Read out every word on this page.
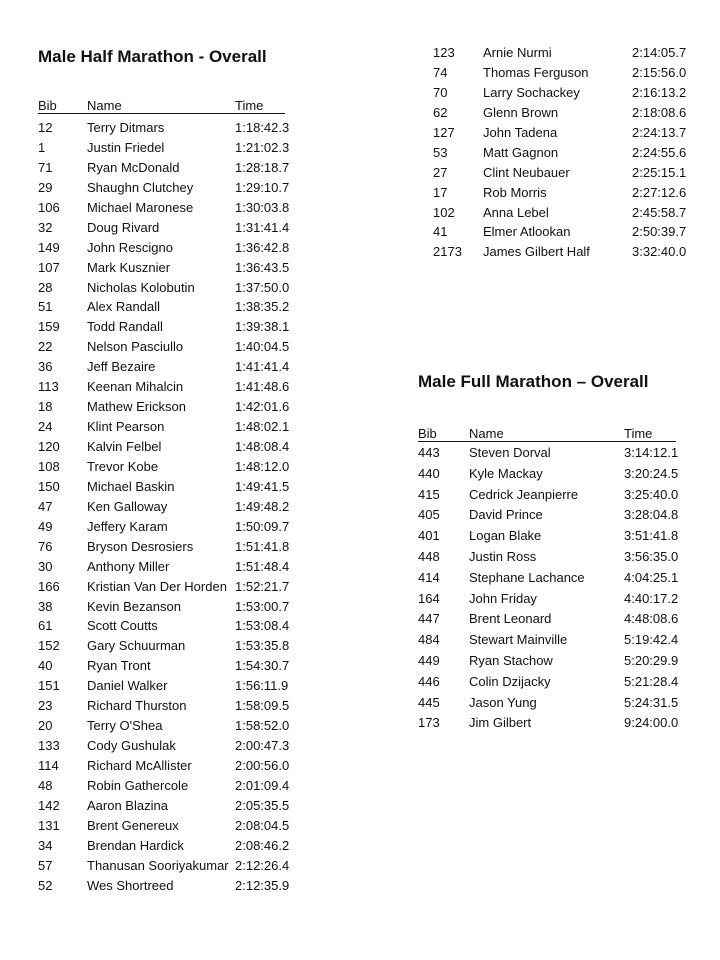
Male Half Marathon - Overall
Bib Name	Time
12	Terry Ditmars	1:18:42.3
1	Justin Friedel	1:21:02.3
71	Ryan McDonald	1:28:18.7
29	Shaughn Clutchey	1:29:10.7
106 Michael Maronese	1:30:03.8
32	Doug Rivard	1:31:41.4
149 John Rescigno	1:36:42.8
107 Mark Kusznier	1:36:43.5
28	Nicholas Kolobutin	1:37:50.0
51	Alex Randall	1:38:35.2
159 Todd Randall	1:39:38.1
22	Nelson Pasciullo	1:40:04.5
36	Jeff Bezaire	1:41:41.4
113 Keenan Mihalcin	1:41:48.6
18	Mathew Erickson	1:42:01.6
24	Klint Pearson	1:48:02.1
120 Kalvin Felbel	1:48:08.4
108 Trevor Kobe	1:48:12.0
150 Michael Baskin	1:49:41.5
47	Ken Galloway	1:49:48.2
49	Jeffery Karam	1:50:09.7
76	Bryson Desrosiers	1:51:41.8
30	Anthony Miller	1:51:48.4
166 Kristian Van Der Horden 1:52:21.7
38	Kevin Bezanson	1:53:00.7
61	Scott Coutts	1:53:08.4
152 Gary Schuurman	1:53:35.8
40	Ryan Tront	1:54:30.7
151 Daniel Walker	1:56:11.9
23	Richard Thurston	1:58:09.5
20	Terry O'Shea	1:58:52.0
133 Cody Gushulak	2:00:47.3
114 Richard McAllister	2:00:56.0
48	Robin Gathercole	2:01:09.4
142 Aaron Blazina	2:05:35.5
131 Brent Genereux	2:08:04.5
34	Brendan Hardick	2:08:46.2
57	Thanusan Sooriyakumar 2:12:26.4
52	Wes Shortreed	2:12:35.9
123 Arnie Nurmi	2:14:05.7
74	Thomas Ferguson	2:15:56.0
70	Larry Sochackey	2:16:13.2
62	Glenn Brown	2:18:08.6
127 John Tadena	2:24:13.7
53	Matt Gagnon	2:24:55.6
27	Clint Neubauer	2:25:15.1
17	Rob Morris	2:27:12.6
102 Anna Lebel	2:45:58.7
41	Elmer Atlookan	2:50:39.7
2173 James Gilbert Half	3:32:40.0
Male Full Marathon – Overall
Bib Name	Time
443 Steven Dorval	3:14:12.1
440 Kyle Mackay	3:20:24.5
415 Cedrick Jeanpierre	3:25:40.0
405 David Prince	3:28:04.8
401 Logan Blake	3:51:41.8
448 Justin Ross	3:56:35.0
414 Stephane Lachance	4:04:25.1
164 John Friday	4:40:17.2
447 Brent Leonard	4:48:08.6
484 Stewart Mainville	5:19:42.4
449 Ryan Stachow	5:20:29.9
446 Colin Dzijacky	5:21:28.4
445 Jason Yung	5:24:31.5
173 Jim Gilbert	9:24:00.0
